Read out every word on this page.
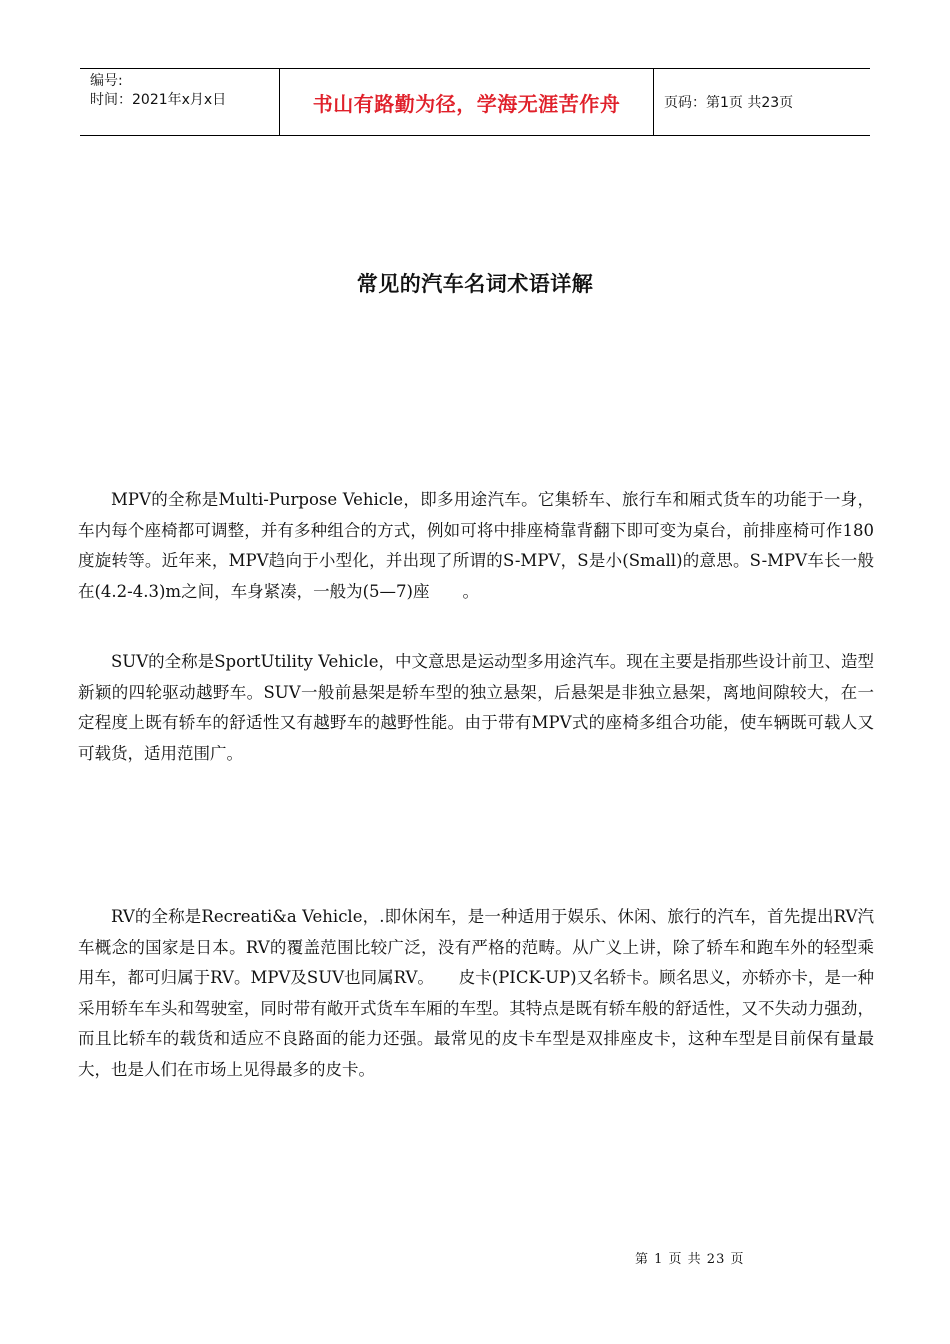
编号:
时间：2021年x月x日	书山有路勤为径，学海无涯苦作舟	页码：第1页 共23页
常见的汽车名词术语详解

MPV的全称是Multi-Purpose Vehicle，即多用途汽车。它集轿车、旅行车和厢式货车的功能于一身，车内每个座椅都可调整，并有多种组合的方式，例如可将中排座椅靠背翻下即可变为桌台，前排座椅可作180度旋转等。近年来，MPV趋向于小型化，并出现了所谓的S-MPV，S是小(Small)的意思。S-MPV车长一般在(4.2-4.3)m之间，车身紧凑，一般为(5—7)座　　。

SUV的全称是SportUtility Vehicle，中文意思是运动型多用途汽车。现在主要是指那些设计前卫、造型新颖的四轮驱动越野车。SUV一般前悬架是轿车型的独立悬架，后悬架是非独立悬架，离地间隙较大，在一定程度上既有轿车的舒适性又有越野车的越野性能。由于带有MPV式的座椅多组合功能，使车辆既可载人又可载货，适用范围广。

RV的全称是Recreati&a Vehicle，.即休闲车，是一种适用于娱乐、休闲、旅行的汽车，首先提出RV汽车概念的国家是日本。RV的覆盖范围比较广泛，没有严格的范畴。从广义上讲，除了轿车和跑车外的轻型乘用车，都可归属于RV。MPV及SUV也同属RV。　　皮卡(PICK-UP)又名轿卡。顾名思义，亦轿亦卡，是一种采用轿车车头和驾驶室，同时带有敞开式货车车厢的车型。其特点是既有轿车般的舒适性，又不失动力强劲，而且比轿车的载货和适应不良路面的能力还强。最常见的皮卡车型是双排座皮卡，这种车型是目前保有量最大，也是人们在市场上见得最多的皮卡。

第 1 页 共 23 页
